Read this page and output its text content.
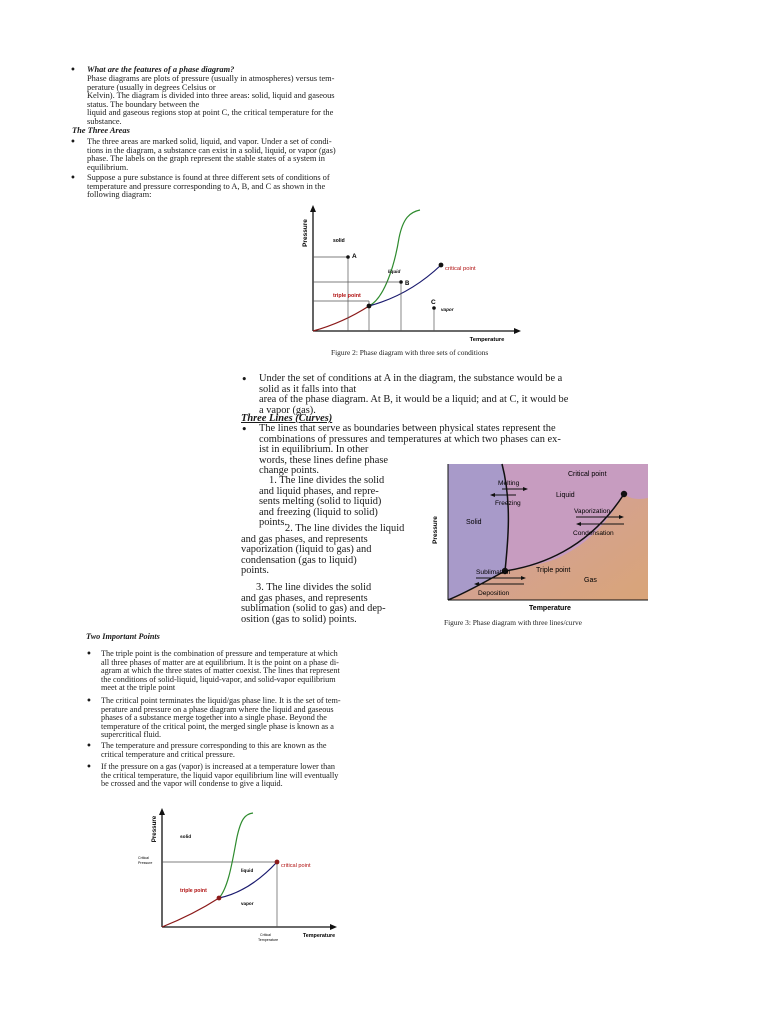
• What are the features of a phase diagram?
Phase diagrams are plots of pressure (usually in atmospheres) versus tem-
perature (usually in degrees Celsius or
Kelvin). The diagram is divided into three areas: solid, liquid and gaseous
status. The boundary between the
liquid and gaseous regions stop at point C, the critical temperature for the
substance.
The Three Areas
• The three areas are marked solid, liquid, and vapor. Under a set of condi-
tions in the diagram, a substance can exist in a solid, liquid, or vapor (gas)
phase. The labels on the graph represent the stable states of a system in
equilibrium.
• Suppose a pure substance is found at three different sets of conditions of
temperature and pressure corresponding to A, B, and C as shown in the
following diagram:
Pressure
Temperature
solid
A
liquid
B
C
vapor
triple point
critical point
Figure 2: Phase diagram with three sets of conditions
• Under the set of conditions at A in the diagram, the substance would be a
solid as it falls into that
area of the phase diagram. At B, it would be a liquid; and at C, it would be
a vapor (gas).
Three Lines (Curves)
• The lines that serve as boundaries between physical states represent the
combinations of pressures and temperatures at which two phases can ex-
ist in equilibrium. In other
words, these lines define phase
change points.
1. The line divides the solid
and liquid phases, and repre-
sents melting (solid to liquid)
and freezing (liquid to solid)
points.
2. The line divides the liquid
and gas phases, and represents
vaporization (liquid to gas) and
condensation (gas to liquid)
points.
3. The line divides the solid
and gas phases, and represents
sublimation (solid to gas) and dep-
osition (gas to solid) points.
Pressure
Temperature
Solid
Liquid
Gas
Critical point
Triple point
Melting
Freezing
Vaporization
Condensation
Sublimation
Deposition
Figure 3: Phase diagram with three lines/curve
Two Important Points
• The triple point is the combination of pressure and temperature at which
all three phases of matter are at equilibrium. It is the point on a phase di-
agram at which the three states of matter coexist. The lines that represent
the conditions of solid-liquid, liquid-vapor, and solid-vapor equilibrium
meet at the triple point
• The critical point terminates the liquid/gas phase line. It is the set of tem-
perature and pressure on a phase diagram where the liquid and gaseous
phases of a substance merge together into a single phase. Beyond the
temperature of the critical point, the merged single phase is known as a
supercritical fluid.
• The temperature and pressure corresponding to this are known as the
critical temperature and critical pressure.
• If the pressure on a gas (vapor) is increased at a temperature lower than
the critical temperature, the liquid vapor equilibrium line will eventually
be crossed and the vapor will condense to give a liquid.
Pressure
Temperature
solid
liquid
vapor
triple point
critical point
Critical
Pressure
Critical
Temperature
